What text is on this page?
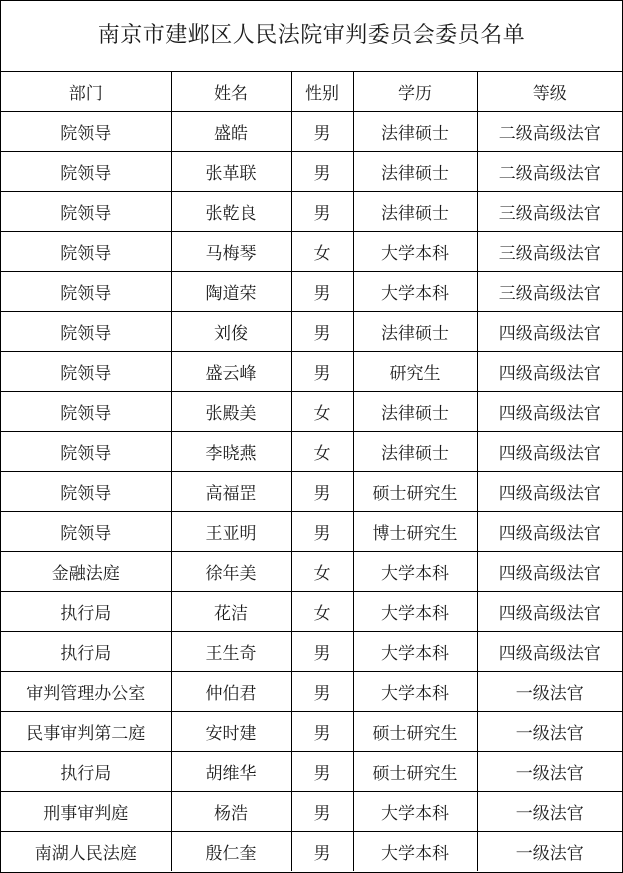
南京市建邺区人民法院审判委员会委员名单
部门	姓名	性别	学历	等级
院领导	盛皓	男	法律硕士	二级高级法官
院领导	张革联	男	法律硕士	二级高级法官
院领导	张乾良	男	法律硕士	三级高级法官
院领导	马梅琴	女	大学本科	三级高级法官
院领导	陶道荣	男	大学本科	三级高级法官
院领导	刘俊	男	法律硕士	四级高级法官
院领导	盛云峰	男	研究生	四级高级法官
院领导	张殿美	女	法律硕士	四级高级法官
院领导	李晓燕	女	法律硕士	四级高级法官
院领导	高福罡	男	硕士研究生	四级高级法官
院领导	王亚明	男	博士研究生	四级高级法官
金融法庭	徐年美	女	大学本科	四级高级法官
执行局	花洁	女	大学本科	四级高级法官
执行局	王生奇	男	大学本科	四级高级法官
审判管理办公室	仲伯君	男	大学本科	一级法官
民事审判第二庭	安时建	男	硕士研究生	一级法官
执行局	胡维华	男	硕士研究生	一级法官
刑事审判庭	杨浩	男	大学本科	一级法官
南湖人民法庭	殷仁奎	男	大学本科	一级法官
